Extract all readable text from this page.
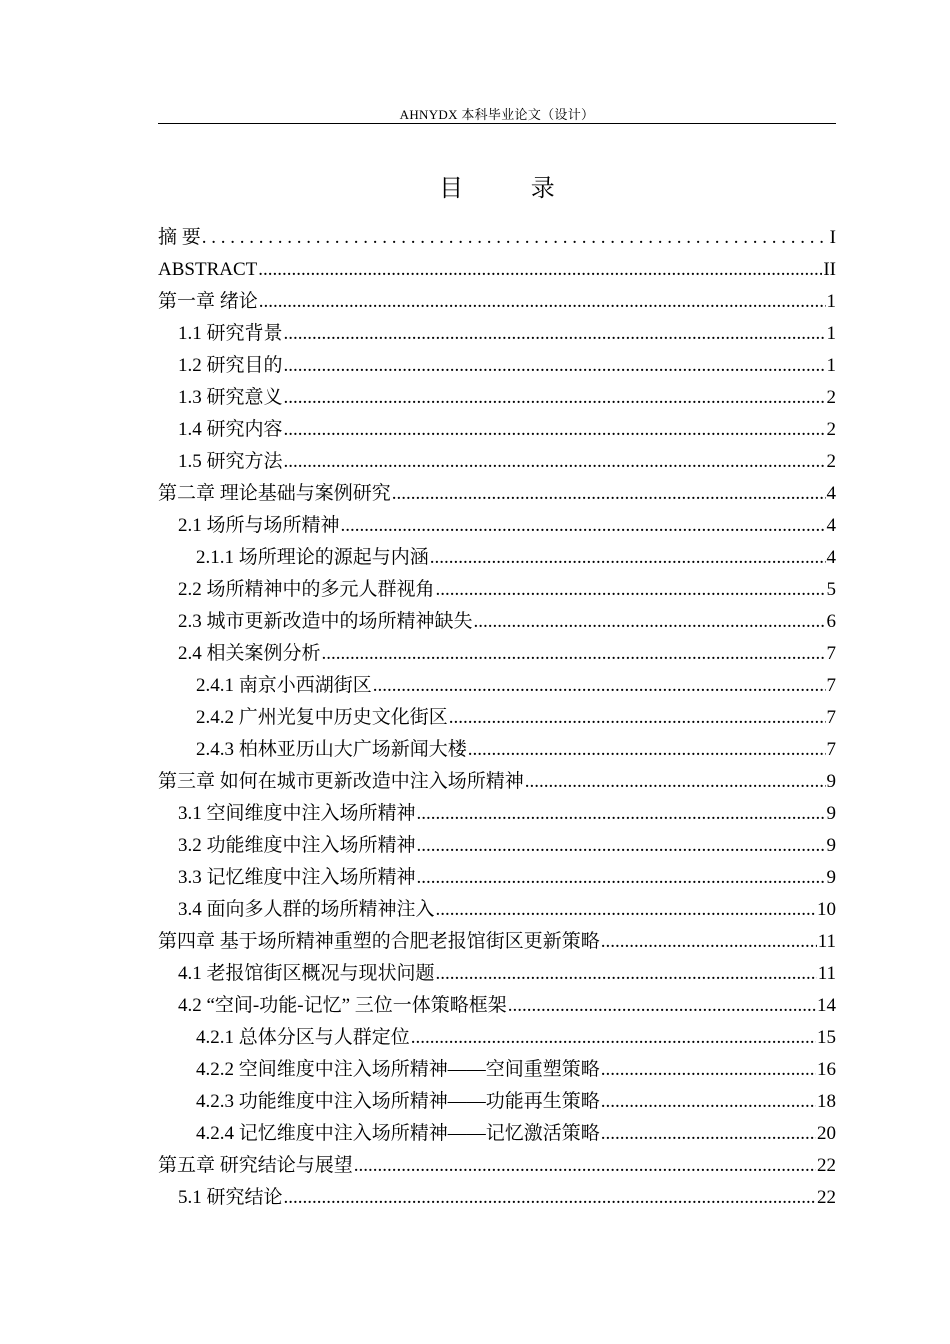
AHNYDX 本科毕业论文（设计）
目 录
摘 要 . . .	I
ABSTRACT .....	II
第一章 绪论 .....	1
1.1 研究背景 .....	1
1.2 研究目的 .....	1
1.3 研究意义 .....	2
1.4 研究内容 .....	2
1.5 研究方法 .....	2
第二章 理论基础与案例研究 .....	4
2.1 场所与场所精神 .....	4
2.1.1 场所理论的源起与内涵 .....	4
2.2 场所精神中的多元人群视角 .....	5
2.3 城市更新改造中的场所精神缺失 .....	6
2.4 相关案例分析 .....	7
2.4.1 南京小西湖街区 .....	7
2.4.2 广州光复中历史文化街区 .....	7
2.4.3 柏林亚历山大广场新闻大楼 .....	7
第三章 如何在城市更新改造中注入场所精神 .....	9
3.1 空间维度中注入场所精神 .....	9
3.2 功能维度中注入场所精神 .....	9
3.3 记忆维度中注入场所精神 .....	9
3.4 面向多人群的场所精神注入 .....	10
第四章 基于场所精神重塑的合肥老报馆街区更新策略 .....	11
4.1 老报馆街区概况与现状问题 .....	11
4.2 “空间-功能-记忆” 三位一体策略框架 .....	14
4.2.1 总体分区与人群定位 .....	15
4.2.2 空间维度中注入场所精神——空间重塑策略 .....	16
4.2.3 功能维度中注入场所精神——功能再生策略 .....	18
4.2.4 记忆维度中注入场所精神——记忆激活策略 .....	20
第五章 研究结论与展望 .....	22
5.1 研究结论 .....	22
